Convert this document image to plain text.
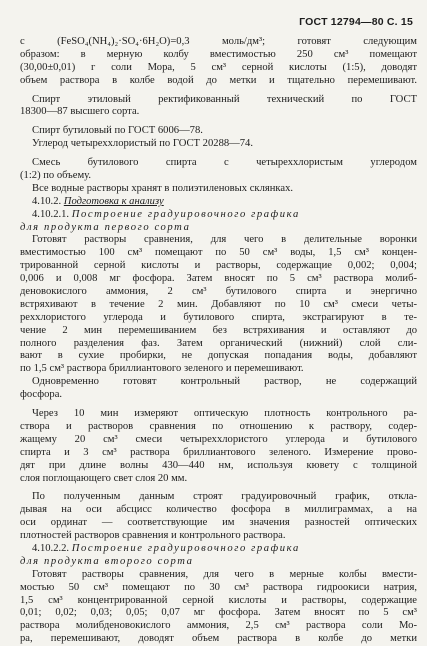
ГОСТ 12794—80 С. 15
c (FeSO₄(NH₄)₂·SO₄·6H₂O)=0,3 моль/дм³; готовят следующим
образом: в мерную колбу вместимостью 250 см³ помещают
(30,00±0,01) г соли Мора, 5 см³ серной кислоты (1:5), доводят
объем раствора в колбе водой до метки и тщательно перемешивают.
Спирт этиловый ректификованный технический по ГОСТ
18300—87 высшего сорта.
Спирт бутиловый по ГОСТ 6006—78.
Углерод четыреххлористый по ГОСТ 20288—74.
Смесь бутилового спирта с четыреххлористым углеродом
(1:2) по объему.
Все водные растворы хранят в полиэтиленовых склянках.
4.10.2. Подготовка к анализу
4.10.2.1. Построение градуировочного графика
для продукта первого сорта
Готовят растворы сравнения, для чего в делительные воронки
вместимостью 100 см³ помещают по 50 см³ воды, 1,5 см³ концен-
трированной серной кислоты и растворы, содержащие 0,002; 0,004;
0,006 и 0,008 мг фосфора. Затем вносят по 5 см³ раствора молиб-
деновокислого аммония, 2 см³ бутилового спирта и энергично
встряхивают в течение 2 мин. Добавляют по 10 см³ смеси четы-
реххлористого углерода и бутилового спирта, экстрагируют в те-
чение 2 мин перемешиванием без встряхивания и оставляют до
полного разделения фаз. Затем органический (нижний) слой сли-
вают в сухие пробирки, не допуская попадания воды, добавляют
по 1,5 см³ раствора бриллиантового зеленого и перемешивают.
Одновременно готовят контрольный раствор, не содержащий
фосфора.
Через 10 мин измеряют оптическую плотность контрольного ра-
створа и растворов сравнения по отношению к раствору, содер-
жащему 20 см³ смеси четыреххлористого углерода и бутилового
спирта и 3 см³ раствора бриллиантового зеленого. Измерение прово-
дят при длине волны 430—440 нм, используя кювету с толщиной
слоя поглощающего свет слоя 20 мм.
По полученным данным строят градуировочный график, откла-
дывая на оси абсцисс количество фосфора в миллиграммах, а на
оси ординат — соответствующие им значения разностей оптических
плотностей растворов сравнения и контрольного раствора.
4.10.2.2. Построение градуировочного графика
для продукта второго сорта
Готовят растворы сравнения, для чего в мерные колбы вмести-
мостью 50 см³ помещают по 30 см³ раствора гидроокиси натрия,
1,5 см³ концентрированной серной кислоты и растворы, содержащие
0,01; 0,02; 0,03; 0,05; 0,07 мг фосфора. Затем вносят по 5 см³
раствора молибденовокислого аммония, 2,5 см³ раствора соли Мо-
ра, перемешивают, доводят объем раствора в колбе до метки
